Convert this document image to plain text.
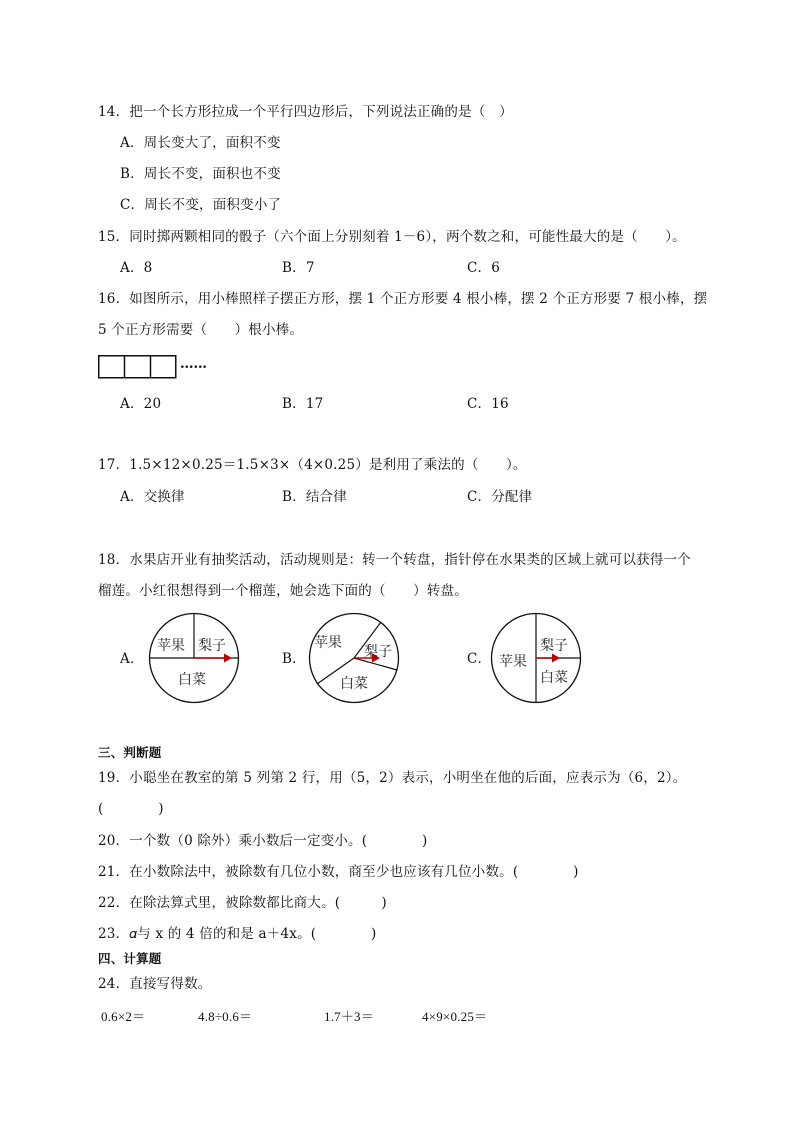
14．把一个长方形拉成一个平行四边形后，下列说法正确的是（　）
A．周长变大了，面积不变
B．周长不变，面积也不变
C．周长不变，面积变小了
15．同时掷两颗相同的骰子（六个面上分别刻着 1－6），两个数之和，可能性最大的是（　　）。
A．8	B．7	C．6
16．如图所示，用小棒照样子摆正方形，摆 1 个正方形要 4 根小棒，摆 2 个正方形要 7 根小棒，摆
5 个正方形需要（　　）根小棒。
……
A．20	B．17	C．16
17．1.5×12×0.25＝1.5×3×（4×0.25）是利用了乘法的（　　）。
A．交换律	B．结合律	C．分配律
18．水果店开业有抽奖活动，活动规则是：转一个转盘，指针停在水果类的区域上就可以获得一个
榴莲。小红很想得到一个榴莲，她会选下面的（　　）转盘。
A．
苹果 梨子
白菜
B．
苹果
梨子
白菜
C． 苹果
梨子
白菜
三、判断题
19．小聪坐在教室的第 5 列第 2 行，用（5，2）表示，小明坐在他的后面，应表示为（6，2）。
(　　　　)
20．一个数（0 除外）乘小数后一定变小。(　　　　)
21．在小数除法中，被除数有几位小数，商至少也应该有几位小数。(　　　　)
22．在除法算式里，被除数都比商大。(　　　)
23．𝛼与 x 的 4 倍的和是 a＋4x。(　　　　)
四、计算题
24．直接写得数。
0.6×2＝	4.8÷0.6＝	1.7＋3＝	4×9×0.25＝
